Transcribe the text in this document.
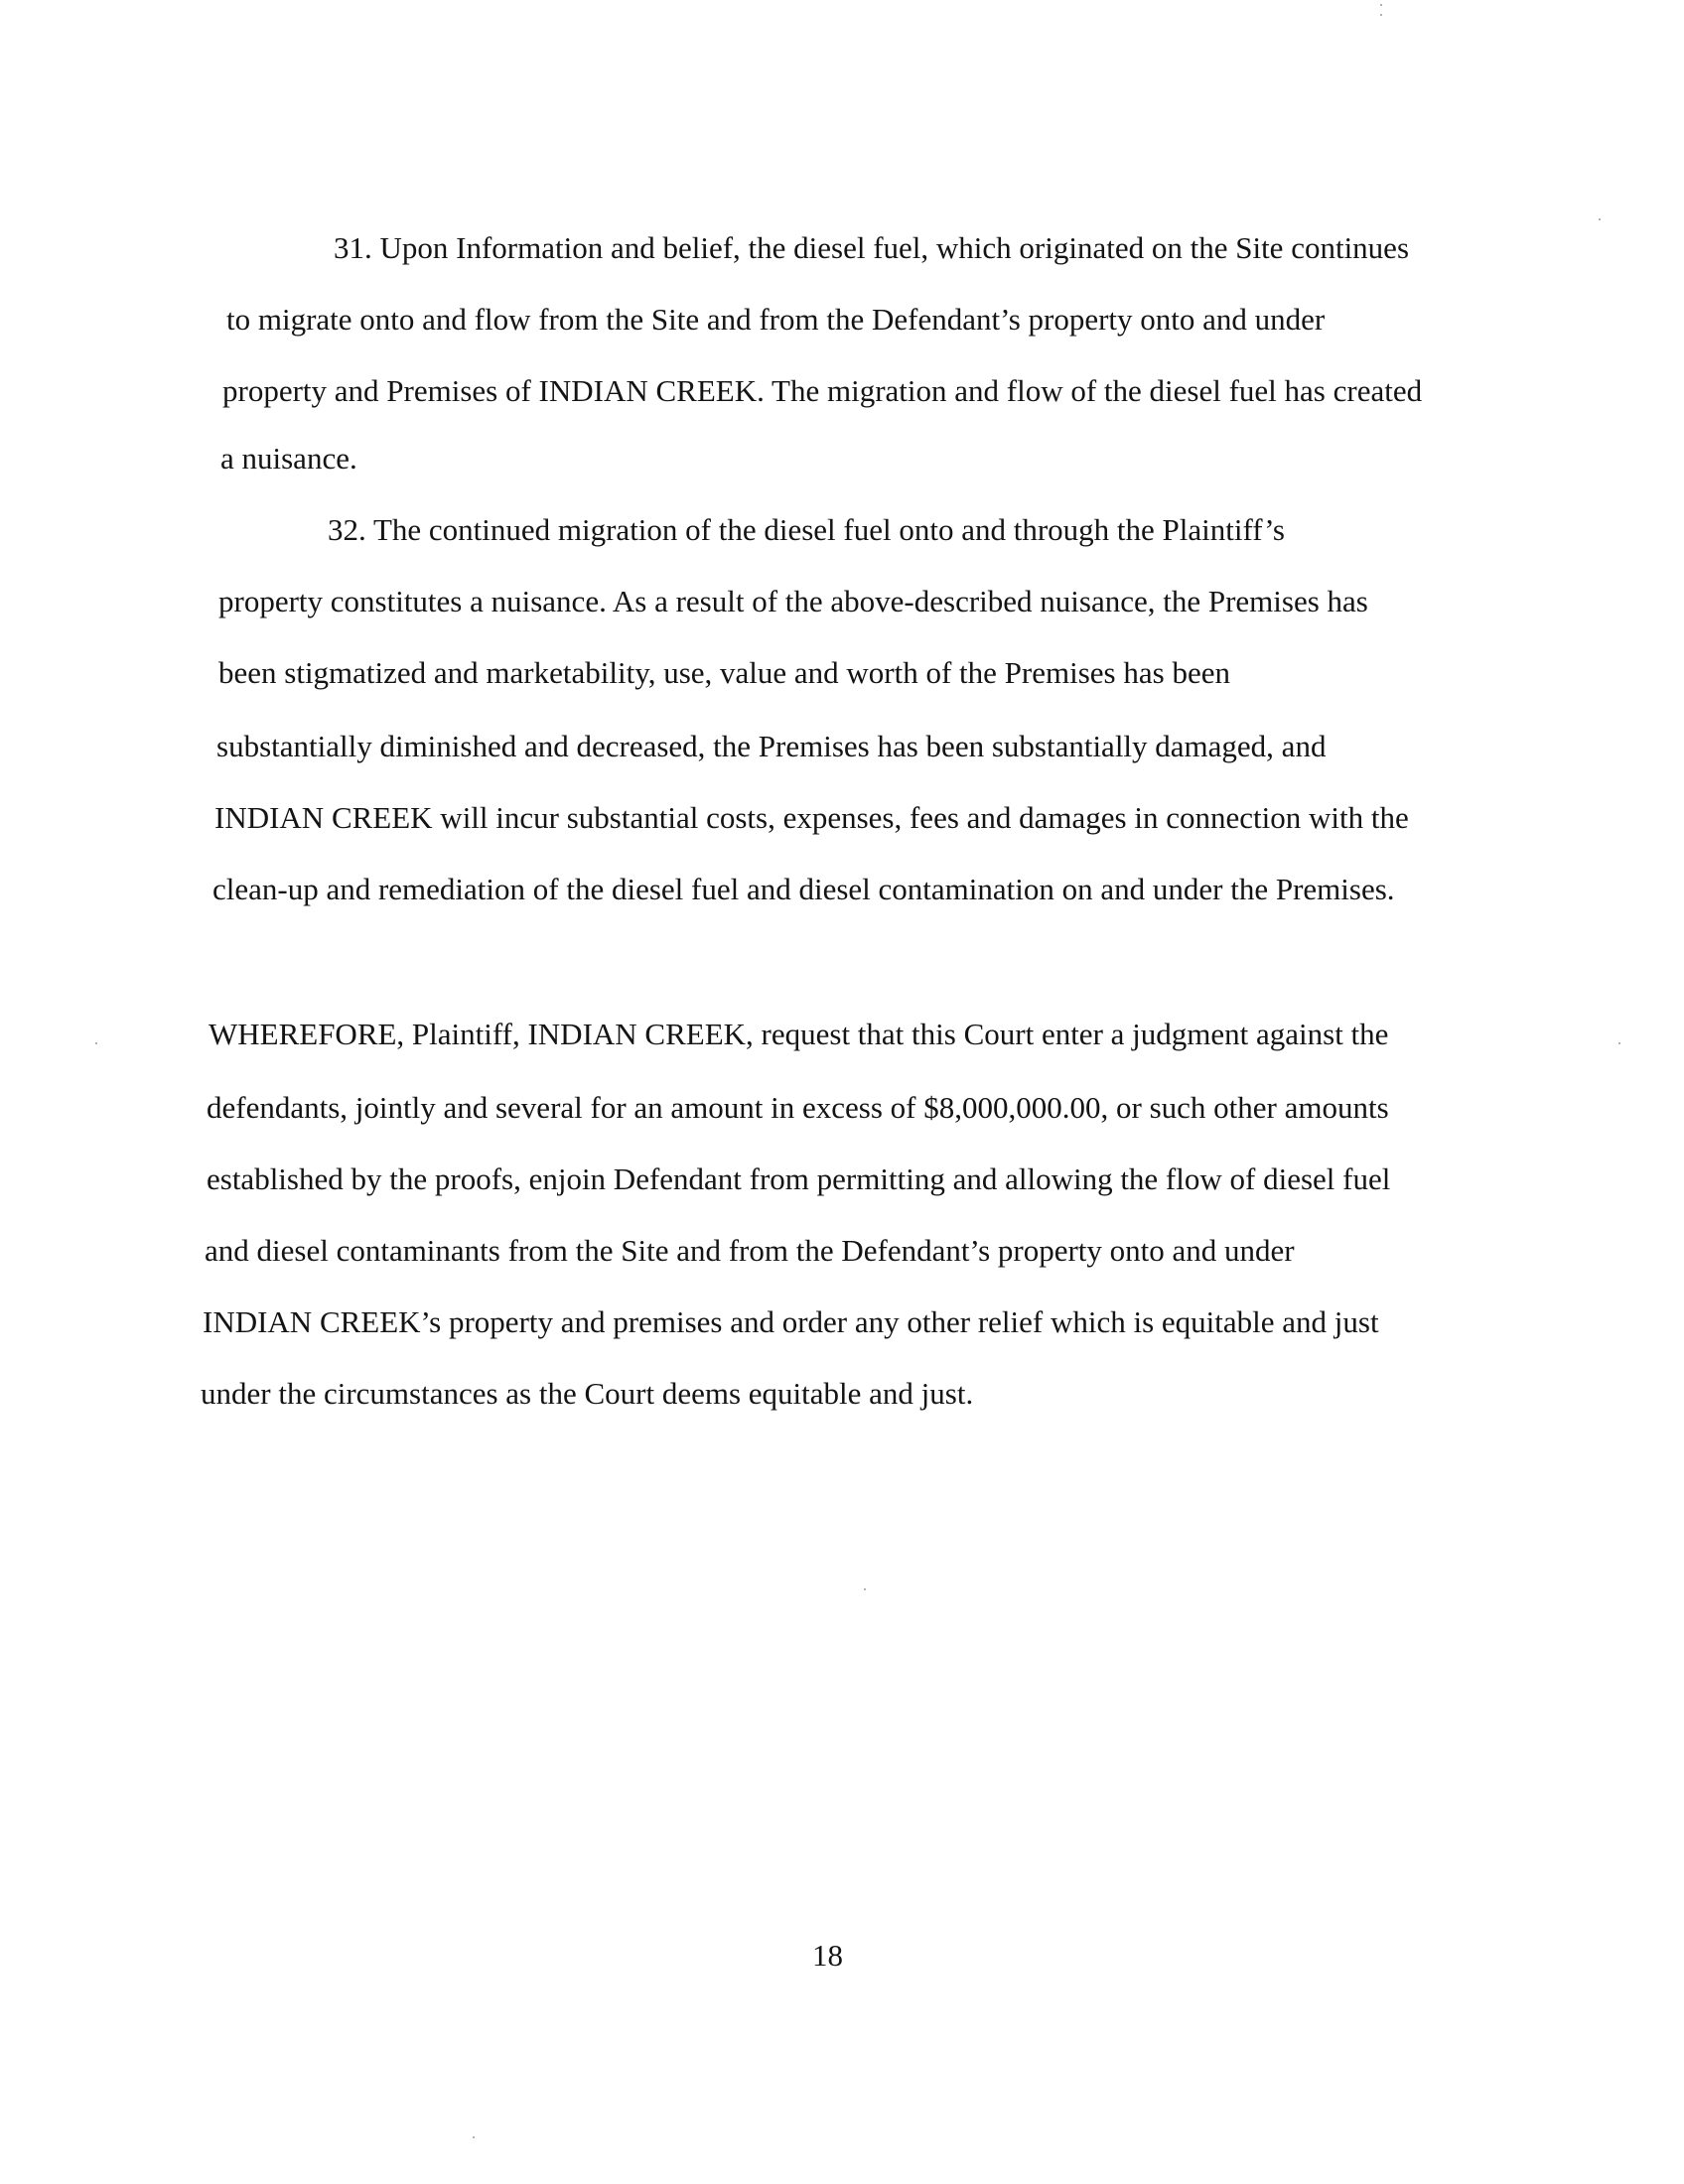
31. Upon Information and belief, the diesel fuel, which originated on the Site continues
to migrate onto and flow from the Site and from the Defendant’s property onto and under
property and Premises of INDIAN CREEK. The migration and flow of the diesel fuel has created
a nuisance.
32. The continued migration of the diesel fuel onto and through the Plaintiff’s
property constitutes a nuisance. As a result of the above-described nuisance, the Premises has
been stigmatized and marketability, use, value and worth of the Premises has been
substantially diminished and decreased, the Premises has been substantially damaged, and
INDIAN CREEK will incur substantial costs, expenses, fees and damages in connection with the
clean-up and remediation of the diesel fuel and diesel contamination on and under the Premises.
WHEREFORE, Plaintiff, INDIAN CREEK, request that this Court enter a judgment against the
defendants, jointly and several for an amount in excess of $8,000,000.00, or such other amounts
established by the proofs, enjoin Defendant from permitting and allowing the flow of diesel fuel
and diesel contaminants from the Site and from the Defendant’s property onto and under
INDIAN CREEK’s property and premises and order any other relief which is equitable and just
under the circumstances as the Court deems equitable and just.
18
